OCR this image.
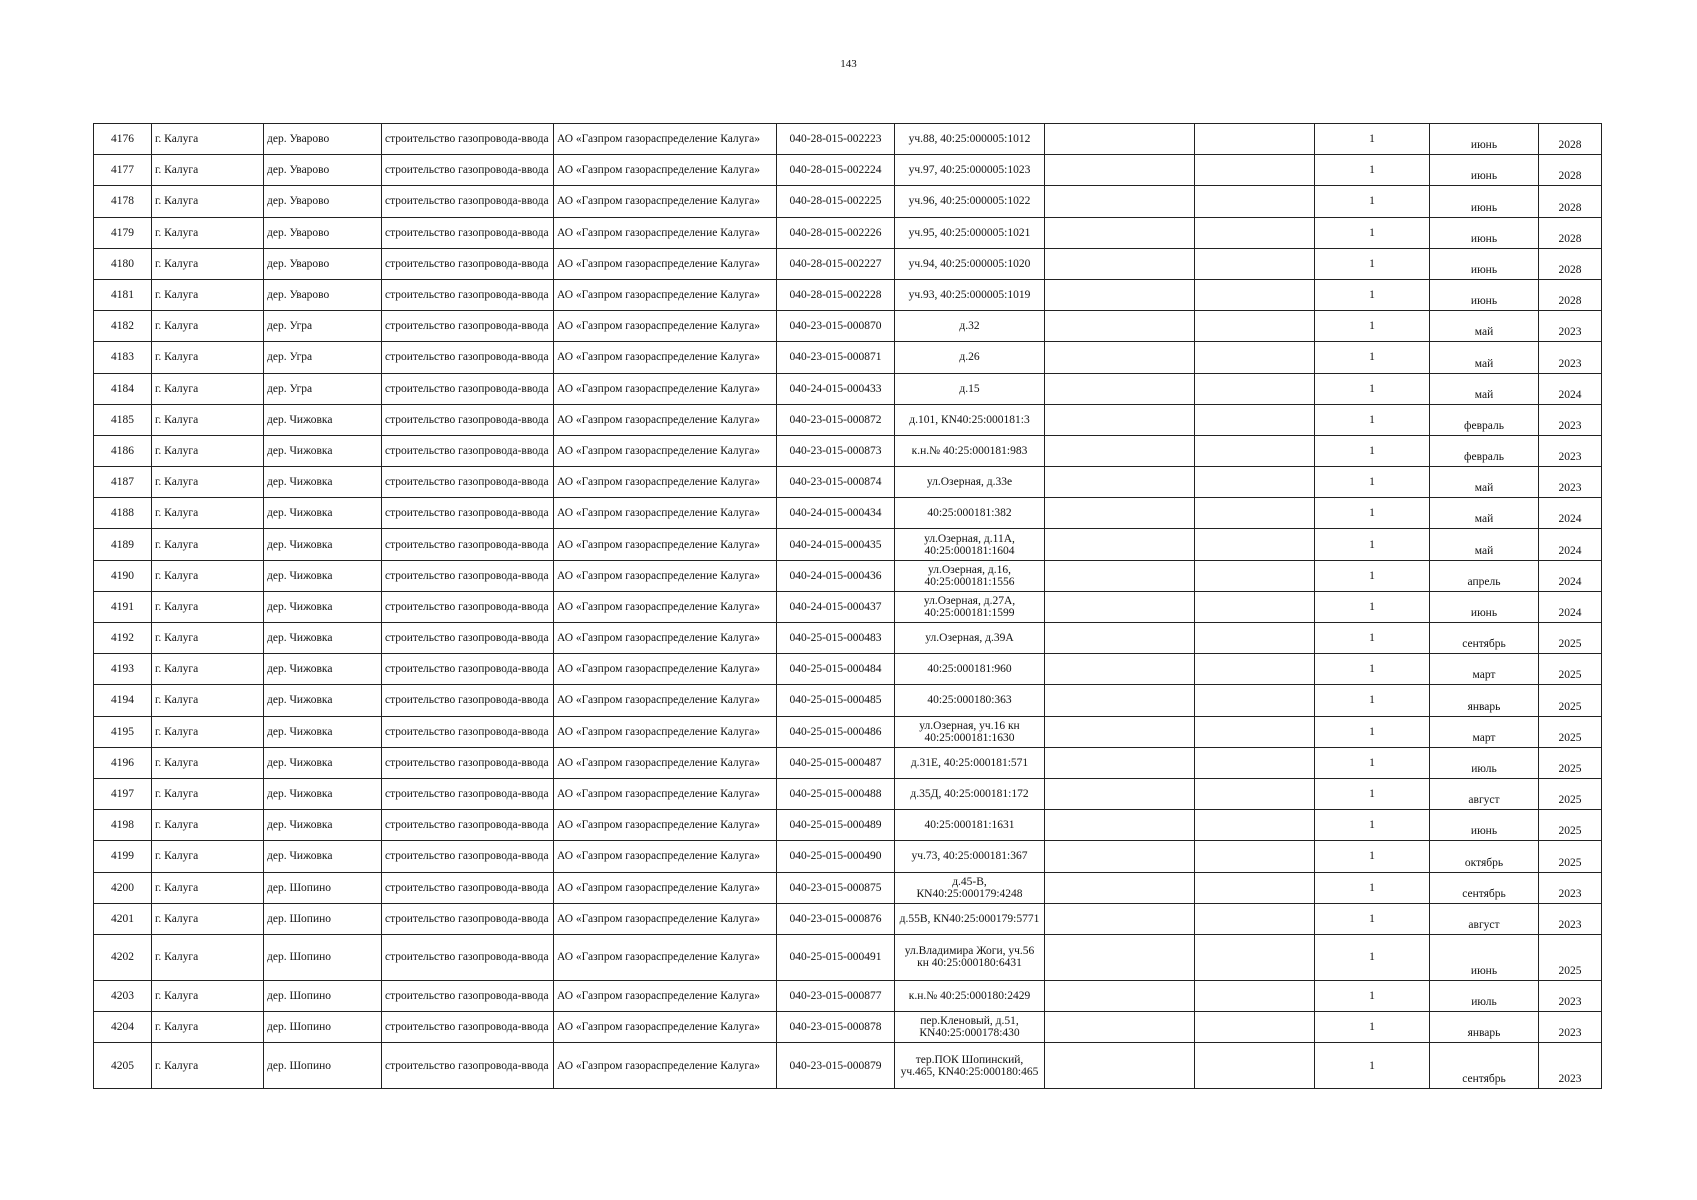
143
4176	г. Калуга	дер. Уварово	строительство газопровода-ввода	АО «Газпром газораспределение Калуга»	040-28-015-002223	уч.88, 40:25:000005:1012			1	июнь	2028
4177	г. Калуга	дер. Уварово	строительство газопровода-ввода	АО «Газпром газораспределение Калуга»	040-28-015-002224	уч.97, 40:25:000005:1023			1	июнь	2028
4178	г. Калуга	дер. Уварово	строительство газопровода-ввода	АО «Газпром газораспределение Калуга»	040-28-015-002225	уч.96, 40:25:000005:1022			1	июнь	2028
4179	г. Калуга	дер. Уварово	строительство газопровода-ввода	АО «Газпром газораспределение Калуга»	040-28-015-002226	уч.95, 40:25:000005:1021			1	июнь	2028
4180	г. Калуга	дер. Уварово	строительство газопровода-ввода	АО «Газпром газораспределение Калуга»	040-28-015-002227	уч.94, 40:25:000005:1020			1	июнь	2028
4181	г. Калуга	дер. Уварово	строительство газопровода-ввода	АО «Газпром газораспределение Калуга»	040-28-015-002228	уч.93, 40:25:000005:1019			1	июнь	2028
4182	г. Калуга	дер. Угра	строительство газопровода-ввода	АО «Газпром газораспределение Калуга»	040-23-015-000870	д.32			1	май	2023
4183	г. Калуга	дер. Угра	строительство газопровода-ввода	АО «Газпром газораспределение Калуга»	040-23-015-000871	д.26			1	май	2023
4184	г. Калуга	дер. Угра	строительство газопровода-ввода	АО «Газпром газораспределение Калуга»	040-24-015-000433	д.15			1	май	2024
4185	г. Калуга	дер. Чижовка	строительство газопровода-ввода	АО «Газпром газораспределение Калуга»	040-23-015-000872	д.101, КN40:25:000181:3			1	февраль	2023
4186	г. Калуга	дер. Чижовка	строительство газопровода-ввода	АО «Газпром газораспределение Калуга»	040-23-015-000873	к.н.№ 40:25:000181:983			1	февраль	2023
4187	г. Калуга	дер. Чижовка	строительство газопровода-ввода	АО «Газпром газораспределение Калуга»	040-23-015-000874	ул.Озерная, д.33е			1	май	2023
4188	г. Калуга	дер. Чижовка	строительство газопровода-ввода	АО «Газпром газораспределение Калуга»	040-24-015-000434	40:25:000181:382			1	май	2024
4189	г. Калуга	дер. Чижовка	строительство газопровода-ввода	АО «Газпром газораспределение Калуга»	040-24-015-000435	ул.Озерная, д.11А, 40:25:000181:1604			1	май	2024
4190	г. Калуга	дер. Чижовка	строительство газопровода-ввода	АО «Газпром газораспределение Калуга»	040-24-015-000436	ул.Озерная, д.16, 40:25:000181:1556			1	апрель	2024
4191	г. Калуга	дер. Чижовка	строительство газопровода-ввода	АО «Газпром газораспределение Калуга»	040-24-015-000437	ул.Озерная, д.27А, 40:25:000181:1599			1	июнь	2024
4192	г. Калуга	дер. Чижовка	строительство газопровода-ввода	АО «Газпром газораспределение Калуга»	040-25-015-000483	ул.Озерная, д.39А			1	сентябрь	2025
4193	г. Калуга	дер. Чижовка	строительство газопровода-ввода	АО «Газпром газораспределение Калуга»	040-25-015-000484	40:25:000181:960			1	март	2025
4194	г. Калуга	дер. Чижовка	строительство газопровода-ввода	АО «Газпром газораспределение Калуга»	040-25-015-000485	40:25:000180:363			1	январь	2025
4195	г. Калуга	дер. Чижовка	строительство газопровода-ввода	АО «Газпром газораспределение Калуга»	040-25-015-000486	ул.Озерная, уч.16 кн 40:25:000181:1630			1	март	2025
4196	г. Калуга	дер. Чижовка	строительство газопровода-ввода	АО «Газпром газораспределение Калуга»	040-25-015-000487	д.31Е, 40:25:000181:571			1	июль	2025
4197	г. Калуга	дер. Чижовка	строительство газопровода-ввода	АО «Газпром газораспределение Калуга»	040-25-015-000488	д.35Д, 40:25:000181:172			1	август	2025
4198	г. Калуга	дер. Чижовка	строительство газопровода-ввода	АО «Газпром газораспределение Калуга»	040-25-015-000489	40:25:000181:1631			1	июнь	2025
4199	г. Калуга	дер. Чижовка	строительство газопровода-ввода	АО «Газпром газораспределение Калуга»	040-25-015-000490	уч.73, 40:25:000181:367			1	октябрь	2025
4200	г. Калуга	дер. Шопино	строительство газопровода-ввода	АО «Газпром газораспределение Калуга»	040-23-015-000875	д.45-В, КN40:25:000179:4248			1	сентябрь	2023
4201	г. Калуга	дер. Шопино	строительство газопровода-ввода	АО «Газпром газораспределение Калуга»	040-23-015-000876	д.55В, КN40:25:000179:5771			1	август	2023
4202	г. Калуга	дер. Шопино	строительство газопровода-ввода	АО «Газпром газораспределение Калуга»	040-25-015-000491	ул.Владимира Жоги, уч.56 кн 40:25:000180:6431			1	июнь	2025
4203	г. Калуга	дер. Шопино	строительство газопровода-ввода	АО «Газпром газораспределение Калуга»	040-23-015-000877	к.н.№ 40:25:000180:2429			1	июль	2023
4204	г. Калуга	дер. Шопино	строительство газопровода-ввода	АО «Газпром газораспределение Калуга»	040-23-015-000878	пер.Кленовый, д.51, КN40:25:000178:430			1	январь	2023
4205	г. Калуга	дер. Шопино	строительство газопровода-ввода	АО «Газпром газораспределение Калуга»	040-23-015-000879	тер.ПОК Шопинский, уч.465, КN40:25:000180:465			1	сентябрь	2023
